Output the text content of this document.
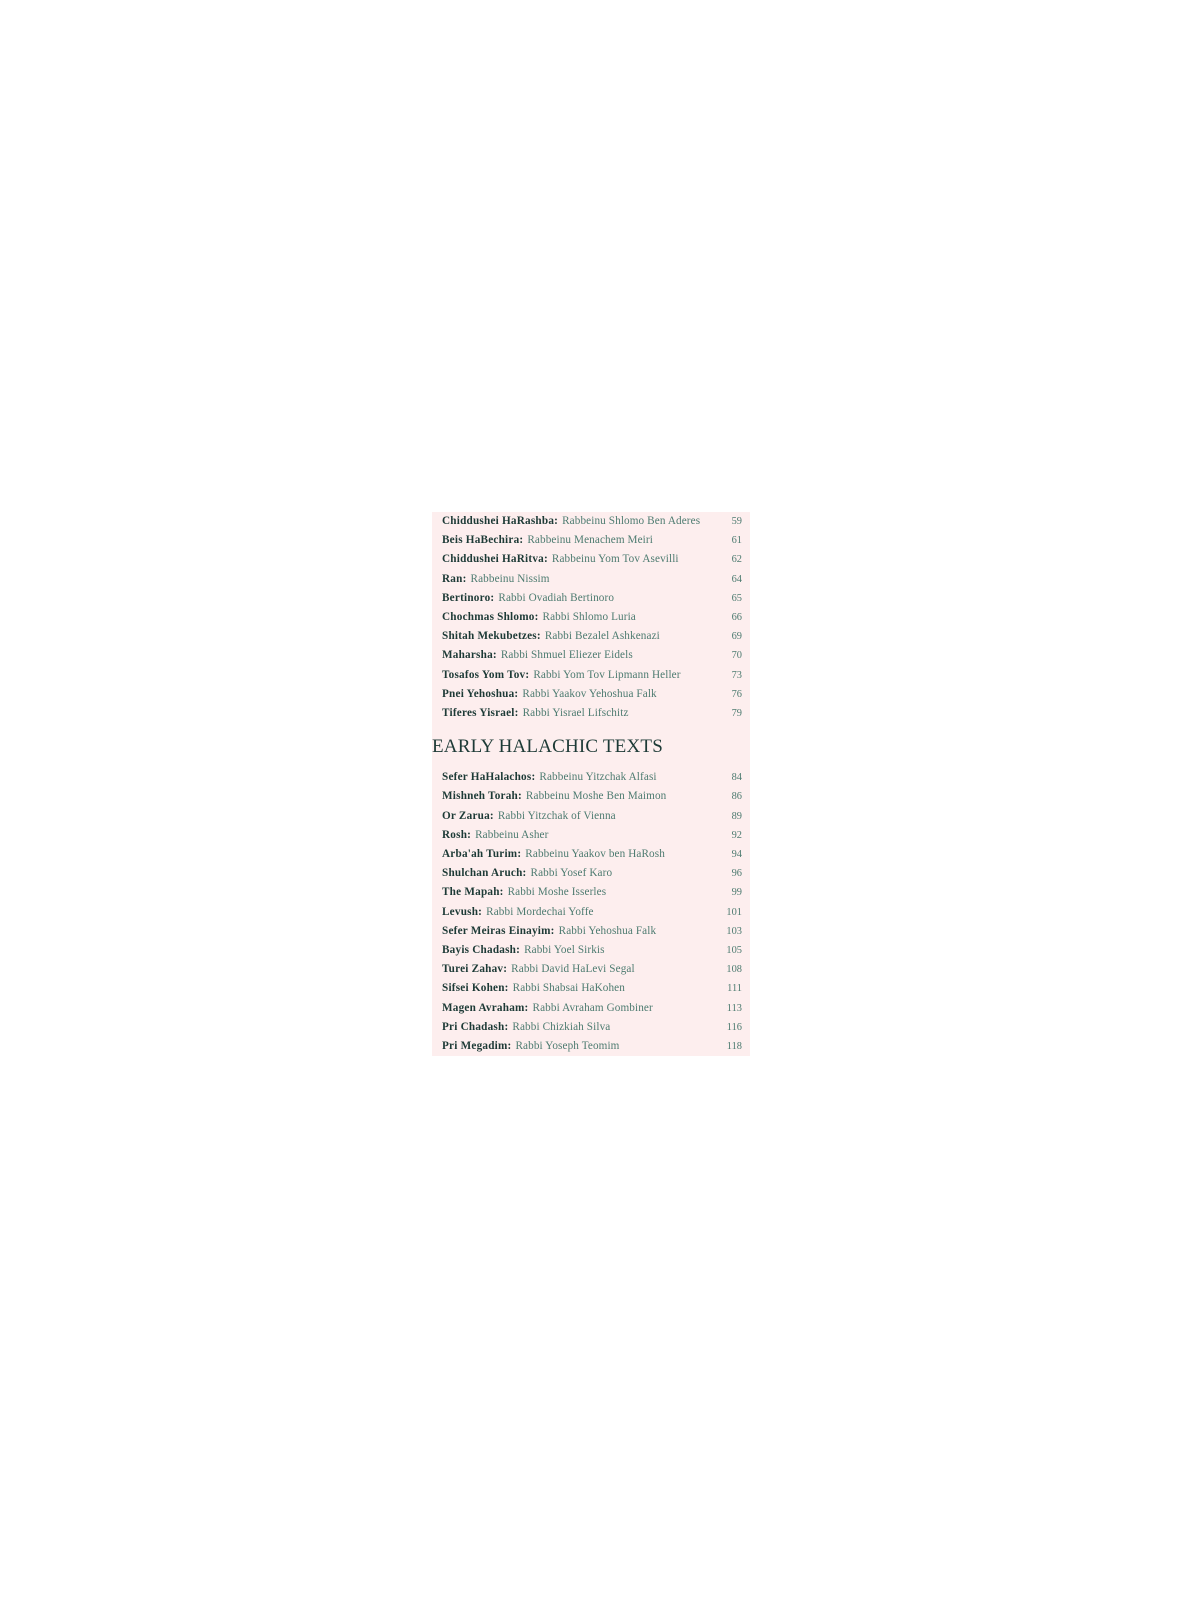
Chiddushei HaRashba: Rabbeinu Shlomo Ben Aderes	59
Beis HaBechira: Rabbeinu Menachem Meiri	61
Chiddushei HaRitva: Rabbeinu Yom Tov Asevilli	62
Ran: Rabbeinu Nissim	64
Bertinoro: Rabbi Ovadiah Bertinoro	65
Chochmas Shlomo: Rabbi Shlomo Luria	66
Shitah Mekubetzes: Rabbi Bezalel Ashkenazi	69
Maharsha: Rabbi Shmuel Eliezer Eidels	70
Tosafos Yom Tov: Rabbi Yom Tov Lipmann Heller	73
Pnei Yehoshua: Rabbi Yaakov Yehoshua Falk	76
Tiferes Yisrael: Rabbi Yisrael Lifschitz	79
EARLY HALACHIC TEXTS
Sefer HaHalachos: Rabbeinu Yitzchak Alfasi	84
Mishneh Torah: Rabbeinu Moshe Ben Maimon	86
Or Zarua: Rabbi Yitzchak of Vienna	89
Rosh: Rabbeinu Asher	92
Arba'ah Turim: Rabbeinu Yaakov ben HaRosh	94
Shulchan Aruch: Rabbi Yosef Karo	96
The Mapah: Rabbi Moshe Isserles	99
Levush: Rabbi Mordechai Yoffe	101
Sefer Meiras Einayim: Rabbi Yehoshua Falk	103
Bayis Chadash: Rabbi Yoel Sirkis	105
Turei Zahav: Rabbi David HaLevi Segal	108
Sifsei Kohen: Rabbi Shabsai HaKohen	111
Magen Avraham: Rabbi Avraham Gombiner	113
Pri Chadash: Rabbi Chizkiah Silva	116
Pri Megadim: Rabbi Yoseph Teomim	118
